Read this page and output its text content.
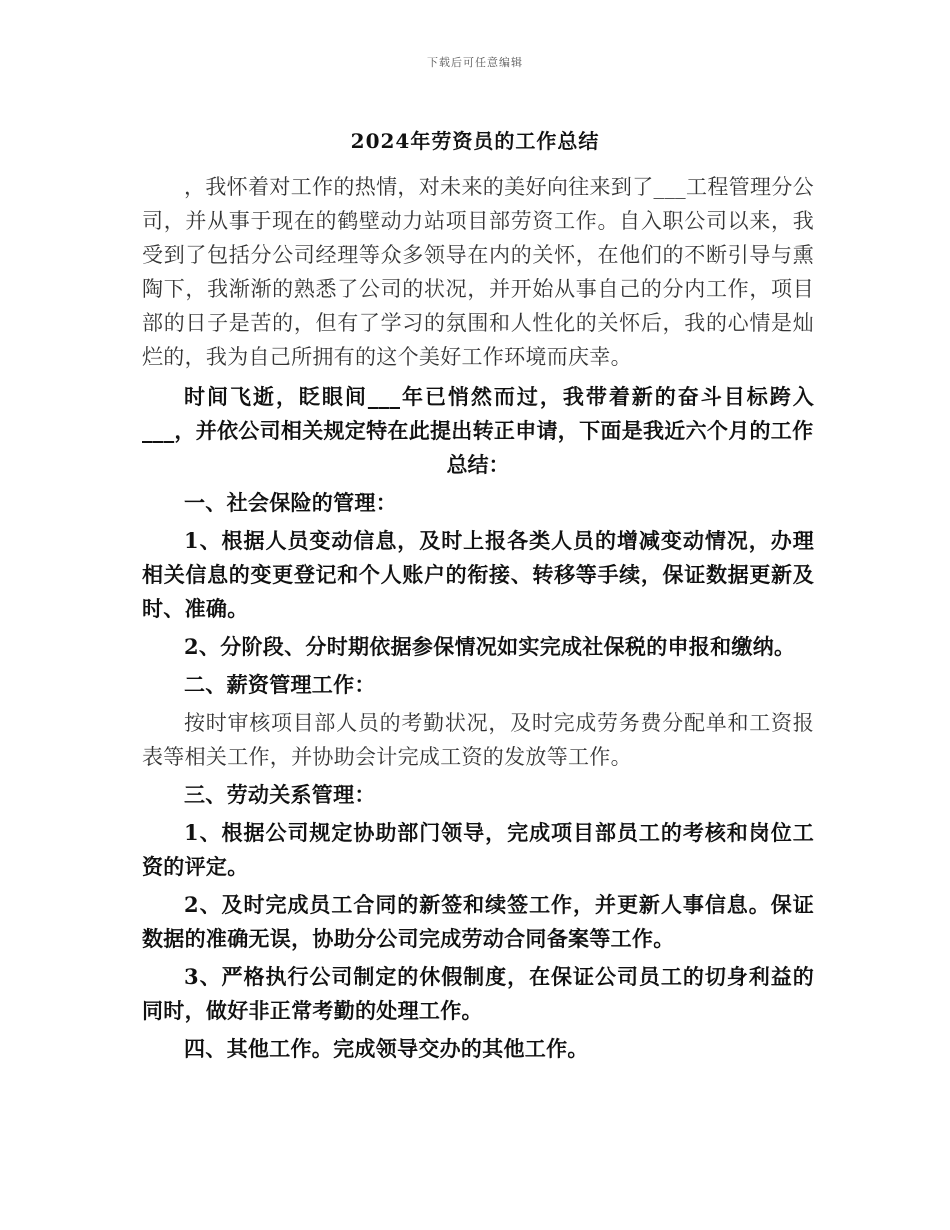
下载后可任意编辑
2024年劳资员的工作总结

，我怀着对工作的热情，对未来的美好向往来到了___工程管理分公司，并从事于现在的鹤壁动力站项目部劳资工作。自入职公司以来，我受到了包括分公司经理等众多领导在内的关怀，在他们的不断引导与熏陶下，我渐渐的熟悉了公司的状况，并开始从事自己的分内工作，项目部的日子是苦的，但有了学习的氛围和人性化的关怀后，我的心情是灿烂的，我为自己所拥有的这个美好工作环境而庆幸。

时间飞逝，眨眼间___年已悄然而过，我带着新的奋斗目标跨入___，并依公司相关规定特在此提出转正申请，下面是我近六个月的工作

总结：

一、社会保险的管理：

1、根据人员变动信息，及时上报各类人员的增减变动情况，办理相关信息的变更登记和个人账户的衔接、转移等手续，保证数据更新及时、准确。

2、分阶段、分时期依据参保情况如实完成社保税的申报和缴纳。

二、薪资管理工作：

按时审核项目部人员的考勤状况，及时完成劳务费分配单和工资报表等相关工作，并协助会计完成工资的发放等工作。

三、劳动关系管理：

1、根据公司规定协助部门领导，完成项目部员工的考核和岗位工资的评定。

2、及时完成员工合同的新签和续签工作，并更新人事信息。保证数据的准确无误，协助分公司完成劳动合同备案等工作。

3、严格执行公司制定的休假制度，在保证公司员工的切身利益的同时，做好非正常考勤的处理工作。

四、其他工作。完成领导交办的其他工作。
